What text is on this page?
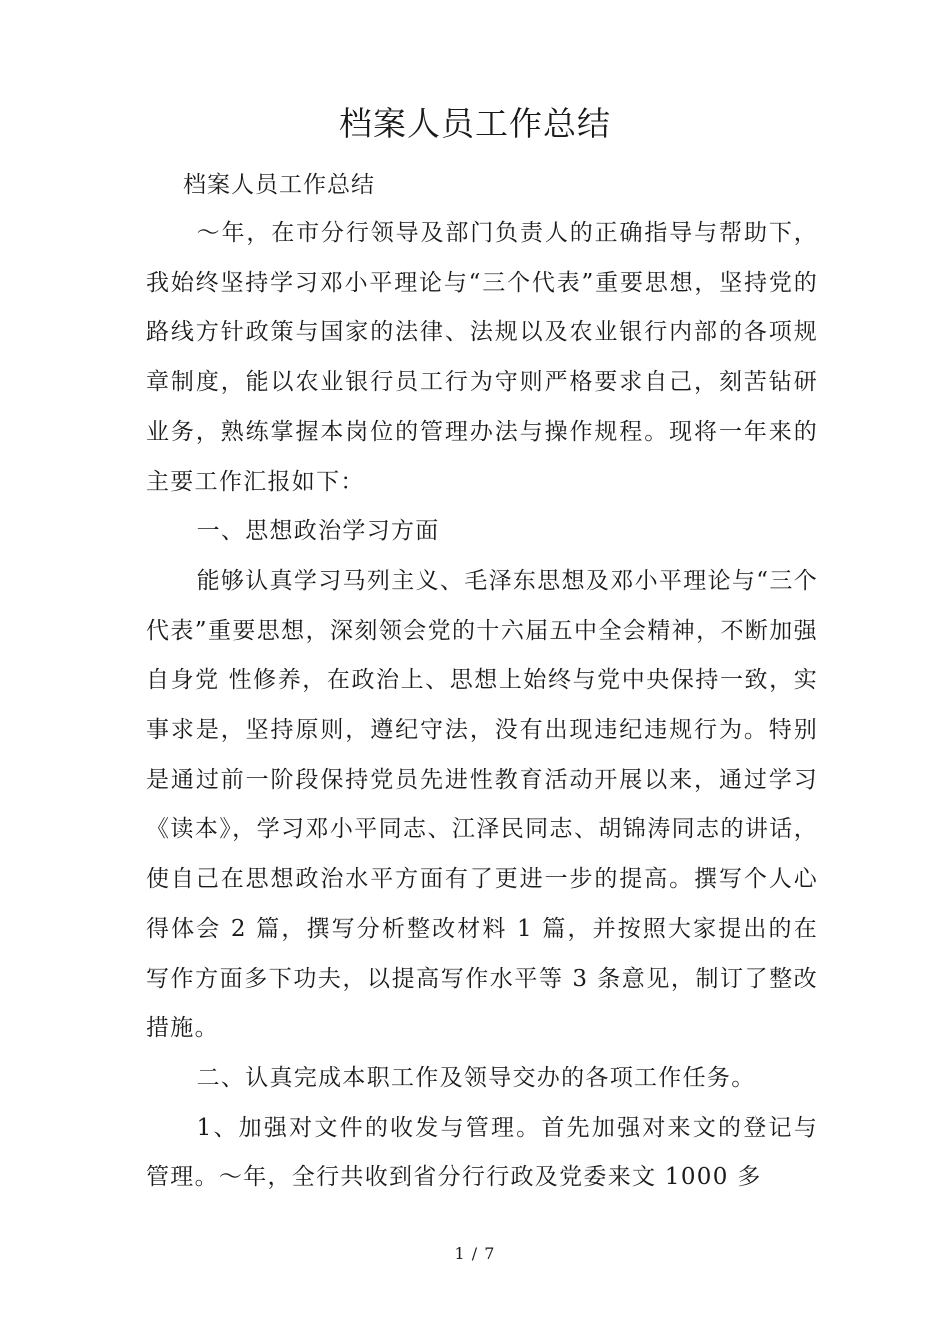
档案人员工作总结
档案人员工作总结

～年，在市分行领导及部门负责人的正确指导与帮助下，我始终坚持学习邓小平理论与“三个代表”重要思想，坚持党的路线方针政策与国家的法律、法规以及农业银行内部的各项规章制度，能以农业银行员工行为守则严格要求自己，刻苦钻研业务，熟练掌握本岗位的管理办法与操作规程。现将一年来的主要工作汇报如下：

一、思想政治学习方面

能够认真学习马列主义、毛泽东思想及邓小平理论与“三个代表”重要思想，深刻领会党的十六届五中全会精神，不断加强自身党 性修养，在政治上、思想上始终与党中央保持一致，实事求是，坚持原则，遵纪守法，没有出现违纪违规行为。特别是通过前一阶段保持党员先进性教育活动开展以来，通过学习《读本》，学习邓小平同志、江泽民同志、胡锦涛同志的讲话，使自己在思想政治水平方面有了更进一步的提高。撰写个人心得体会 2 篇，撰写分析整改材料 1 篇，并按照大家提出的在写作方面多下功夫，以提高写作水平等 3 条意见，制订了整改措施。

二、认真完成本职工作及领导交办的各项工作任务。

1、加强对文件的收发与管理。首先加强对来文的登记与管理。～年，全行共收到省分行行政及党委来文 1000 多

1 / 7
